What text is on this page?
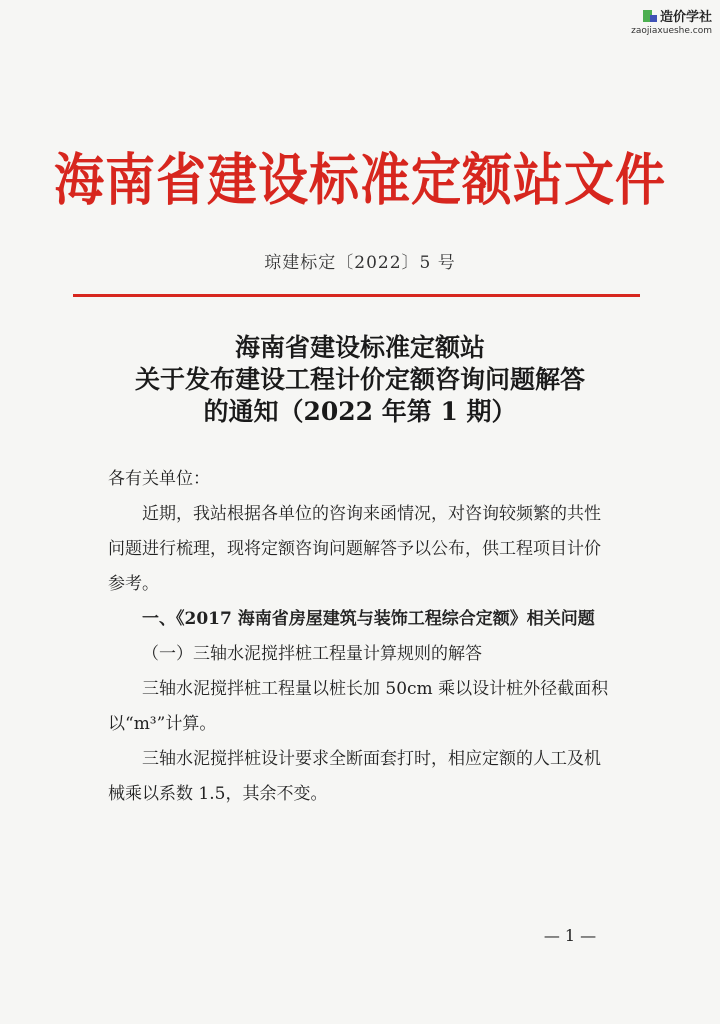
造价学社
zaojiaxueshe.com
海南省建设标准定额站文件
琼建标定〔2022〕5 号
海南省建设标准定额站
关于发布建设工程计价定额咨询问题解答
的通知（2022 年第 1 期）
各有关单位：

近期，我站根据各单位的咨询来函情况，对咨询较频繁的共性问题进行梳理，现将定额咨询问题解答予以公布，供工程项目计价参考。

一、《2017 海南省房屋建筑与装饰工程综合定额》相关问题

（一）三轴水泥搅拌桩工程量计算规则的解答

三轴水泥搅拌桩工程量以桩长加 50cm 乘以设计桩外径截面积以“m³”计算。

三轴水泥搅拌桩设计要求全断面套打时，相应定额的人工及机械乘以系数 1.5，其余不变。

— 1 —
